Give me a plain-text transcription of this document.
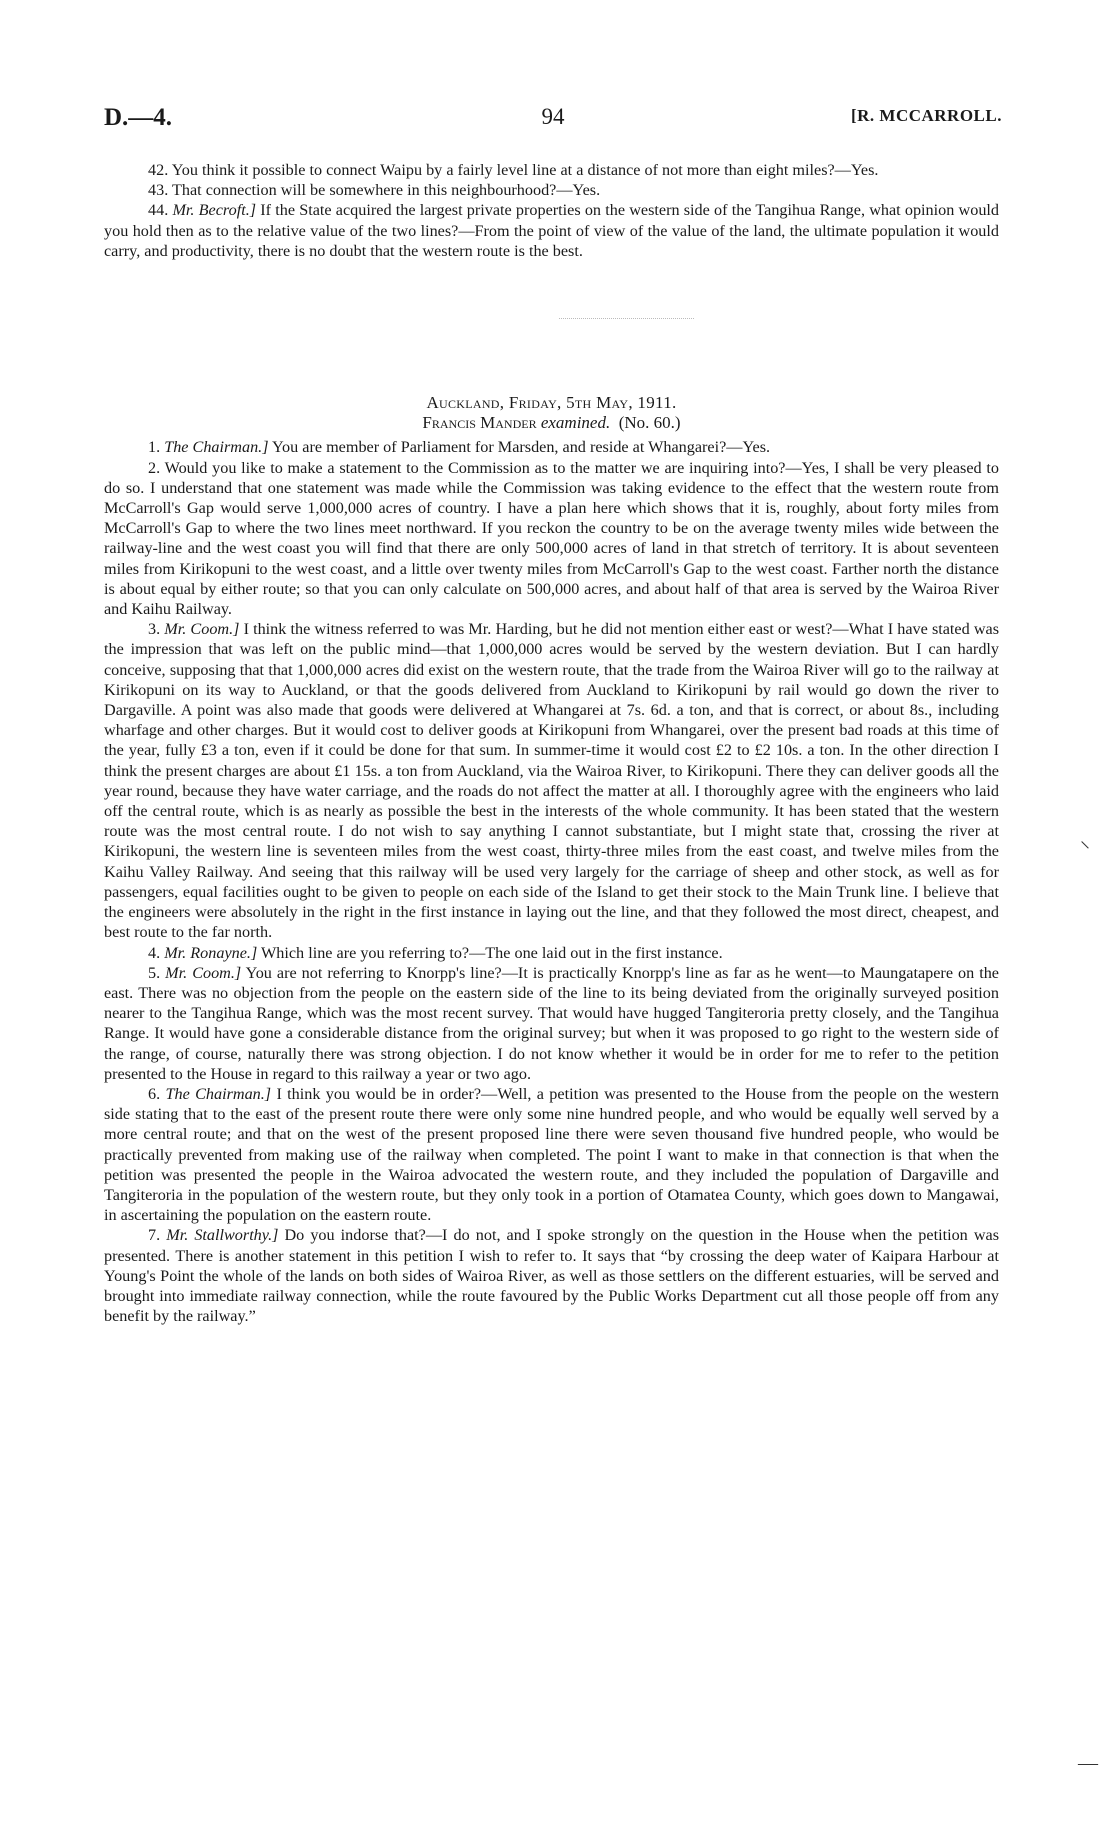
D.—4.	94	[R. MCCARROLL.

42. You think it possible to connect Waipu by a fairly level line at a distance of not more than eight miles?—Yes.

43. That connection will be somewhere in this neighbourhood?—Yes.

44. Mr. Becroft.] If the State acquired the largest private properties on the western side of the Tangihua Range, what opinion would you hold then as to the relative value of the two lines?—From the point of view of the value of the land, the ultimate population it would carry, and productivity, there is no doubt that the western route is the best.

Auckland, Friday, 5th May, 1911.

Francis Mander examined. (No. 60.)

1. The Chairman.] You are member of Parliament for Marsden, and reside at Whangarei?—Yes.

2. Would you like to make a statement to the Commission as to the matter we are inquiring into?—Yes, I shall be very pleased to do so. I understand that one statement was made while the Commission was taking evidence to the effect that the western route from McCarroll's Gap would serve 1,000,000 acres of country. I have a plan here which shows that it is, roughly, about forty miles from McCarroll's Gap to where the two lines meet northward. If you reckon the country to be on the average twenty miles wide between the railway-line and the west coast you will find that there are only 500,000 acres of land in that stretch of territory. It is about seventeen miles from Kirikopuni to the west coast, and a little over twenty miles from McCarroll's Gap to the west coast. Farther north the distance is about equal by either route; so that you can only calculate on 500,000 acres, and about half of that area is served by the Wairoa River and Kaihu Railway.

3. Mr. Coom.] I think the witness referred to was Mr. Harding, but he did not mention either east or west?—What I have stated was the impression that was left on the public mind—that 1,000,000 acres would be served by the western deviation. But I can hardly conceive, supposing that that 1,000,000 acres did exist on the western route, that the trade from the Wairoa River will go to the railway at Kirikopuni on its way to Auckland, or that the goods delivered from Auckland to Kirikopuni by rail would go down the river to Dargaville. A point was also made that goods were delivered at Whangarei at 7s. 6d. a ton, and that is correct, or about 8s., including wharfage and other charges. But it would cost to deliver goods at Kirikopuni from Whangarei, over the present bad roads at this time of the year, fully £3 a ton, even if it could be done for that sum. In summer-time it would cost £2 to £2 10s. a ton. In the other direction I think the present charges are about £1 15s. a ton from Auckland, via the Wairoa River, to Kirikopuni. There they can deliver goods all the year round, because they have water carriage, and the roads do not affect the matter at all. I thoroughly agree with the engineers who laid off the central route, which is as nearly as possible the best in the interests of the whole community. It has been stated that the western route was the most central route. I do not wish to say anything I cannot substantiate, but I might state that, crossing the river at Kirikopuni, the western line is seventeen miles from the west coast, thirty-three miles from the east coast, and twelve miles from the Kaihu Valley Railway. And seeing that this railway will be used very largely for the carriage of sheep and other stock, as well as for passengers, equal facilities ought to be given to people on each side of the Island to get their stock to the Main Trunk line. I believe that the engineers were absolutely in the right in the first instance in laying out the line, and that they followed the most direct, cheapest, and best route to the far north.

4. Mr. Ronayne.] Which line are you referring to?—The one laid out in the first instance.

5. Mr. Coom.] You are not referring to Knorpp's line?—It is practically Knorpp's line as far as he went—to Maungatapere on the east. There was no objection from the people on the eastern side of the line to its being deviated from the originally surveyed position nearer to the Tangihua Range, which was the most recent survey. That would have hugged Tangiteroria pretty closely, and the Tangihua Range. It would have gone a considerable distance from the original survey; but when it was proposed to go right to the western side of the range, of course, naturally there was strong objection. I do not know whether it would be in order for me to refer to the petition presented to the House in regard to this railway a year or two ago.

6. The Chairman.] I think you would be in order?—Well, a petition was presented to the House from the people on the western side stating that to the east of the present route there were only some nine hundred people, and who would be equally well served by a more central route; and that on the west of the present proposed line there were seven thousand five hundred people, who would be practically prevented from making use of the railway when completed. The point I want to make in that connection is that when the petition was presented the people in the Wairoa advocated the western route, and they included the population of Dargaville and Tangiteroria in the population of the western route, but they only took in a portion of Otamatea County, which goes down to Mangawai, in ascertaining the population on the eastern route.

7. Mr. Stallworthy.] Do you indorse that?—I do not, and I spoke strongly on the question in the House when the petition was presented. There is another statement in this petition I wish to refer to. It says that “by crossing the deep water of Kaipara Harbour at Young's Point the whole of the lands on both sides of Wairoa River, as well as those settlers on the different estuaries, will be served and brought into immediate railway connection, while the route favoured by the Public Works Department cut all those people off from any benefit by the railway.”

⸜
—
